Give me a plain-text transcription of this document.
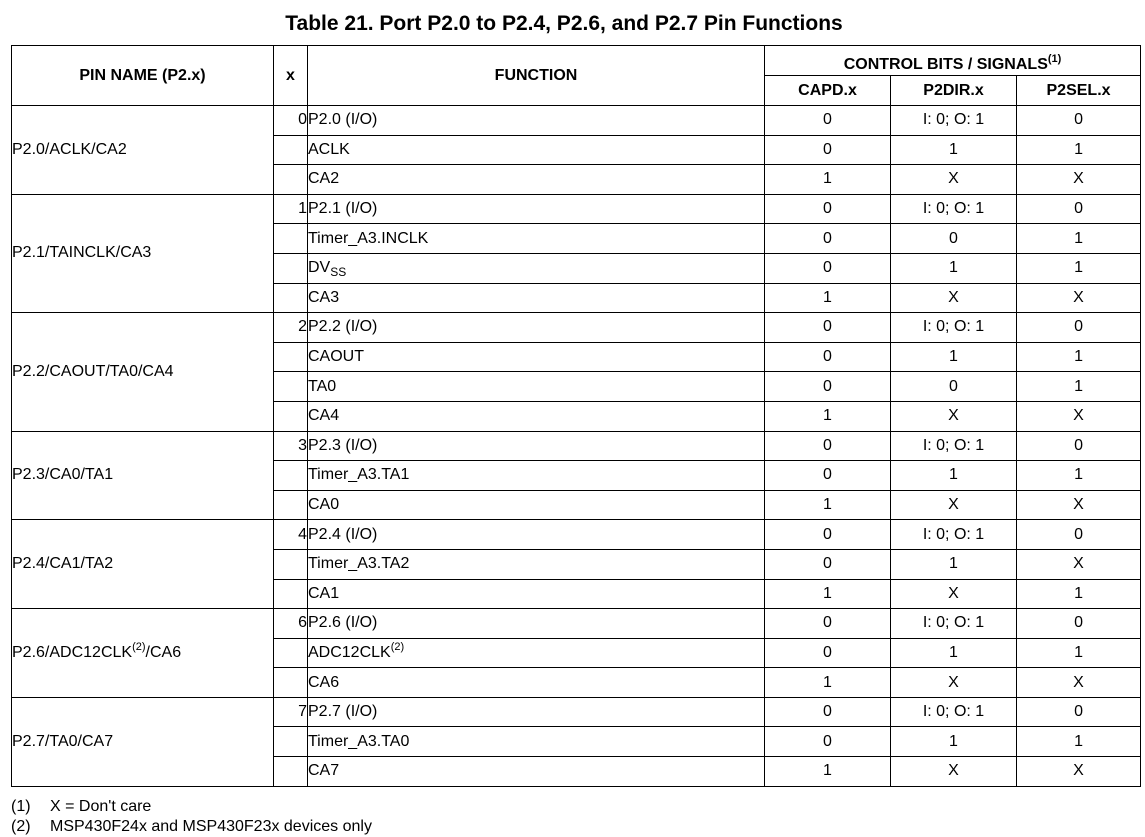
Table 21. Port P2.0 to P2.4, P2.6, and P2.7 Pin Functions
PIN NAME (P2.x)	x	FUNCTION	CONTROL BITS / SIGNALS$^{(1)}$
			CAPD.x	P2DIR.x	P2SEL.x
P2.0/ACLK/CA2	0	P2.0 (I/O)	0	I: 0; O: 1	0
		ACLK	0	1	1
		CA2	1	X	X
P2.1/TAINCLK/CA3	1	P2.1 (I/O)	0	I: 0; O: 1	0
		Timer_A3.INCLK	0	0	1
		$DV_{SS}$	0	1	1
		CA3	1	X	X
P2.2/CAOUT/TA0/CA4	2	P2.2 (I/O)	0	I: 0; O: 1	0
		CAOUT	0	1	1
		TA0	0	0	1
		CA4	1	X	X
P2.3/CA0/TA1	3	P2.3 (I/O)	0	I: 0; O: 1	0
		Timer_A3.TA1	0	1	1
		CA0	1	X	X
P2.4/CA1/TA2	4	P2.4 (I/O)	0	I: 0; O: 1	0
		Timer_A3.TA2	0	1	X
		CA1	1	X	1
P2.6/ADC12CLK$^{(2)}$/CA6	6	P2.6 (I/O)	0	I: 0; O: 1	0
		ADC12CLK$^{(2)}$	0	1	1
		CA6	1	X	X
P2.7/TA0/CA7	7	P2.7 (I/O)	0	I: 0; O: 1	0
		Timer_A3.TA0	0	1	1
		CA7	1	X	X
(1) X = Don't care
(2) MSP430F24x and MSP430F23x devices only
